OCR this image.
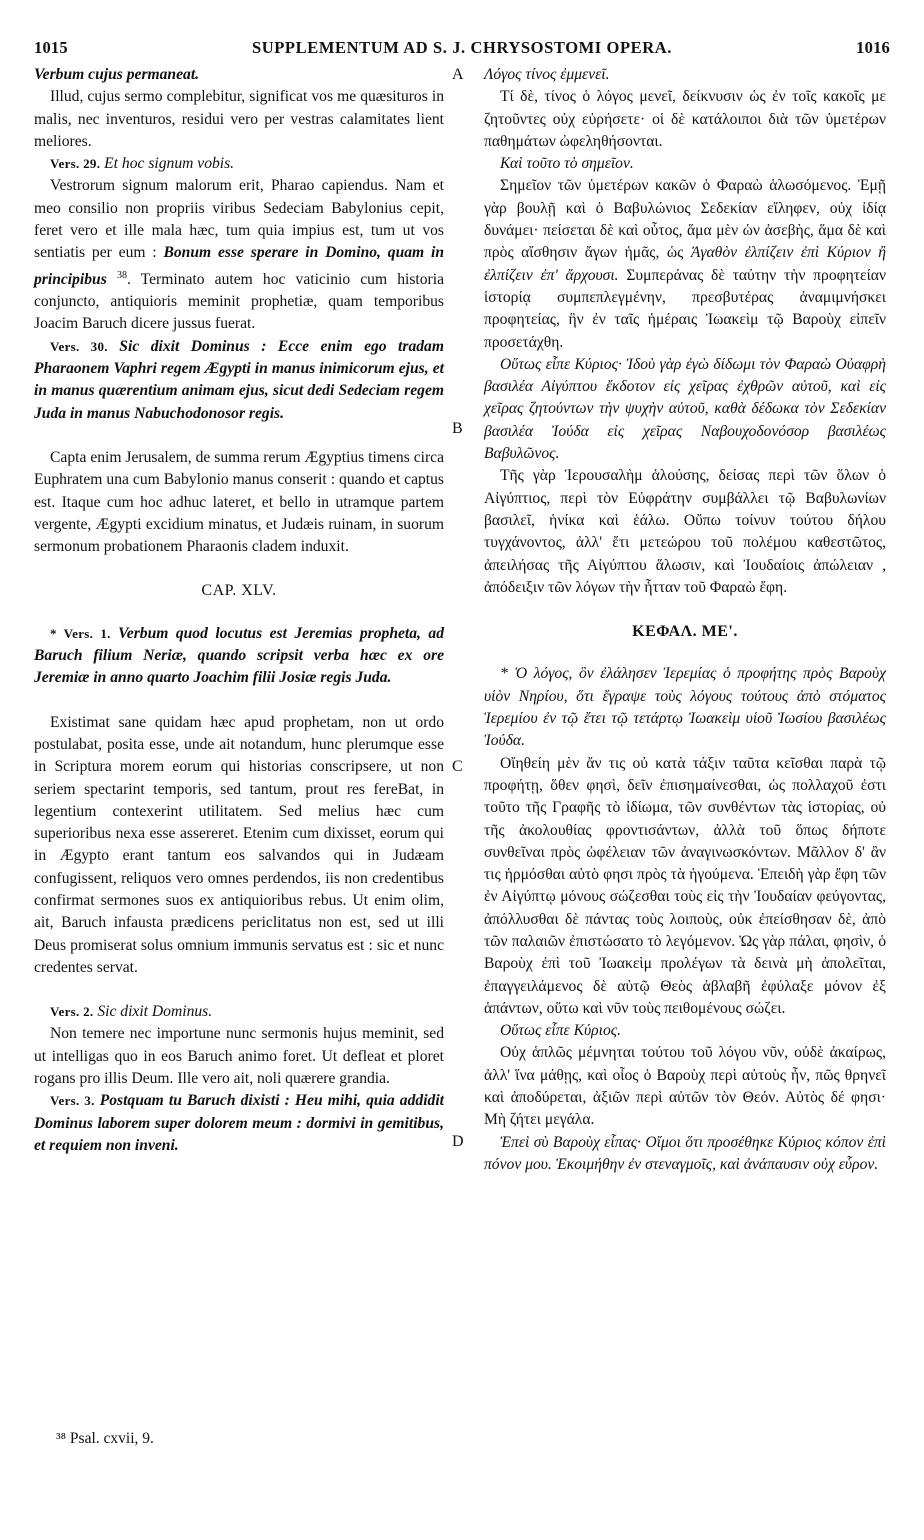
1015	SUPPLEMENTUM AD S. J. CHRYSOSTOMI OPERA.	1016
A
B
C
D

Verbum cujus permaneat.

Illud, cujus sermo complebitur, significat vos me quæsituros in malis, nec inventuros, residui vero per vestras calamitates lient meliores.

Vers. 29. Et hoc signum vobis.

Vestrorum signum malorum erit, Pharao capiendus. Nam et meo consilio non propriis viribus Sedeciam Babylonius cepit, feret vero et ille mala hæc, tum quia impius est, tum ut vos sentiatis per eum : Bonum esse sperare in Domino, quam in principibus $^{38}$. Terminato autem hoc vaticinio cum historia conjuncto, antiquioris meminit prophetiæ, quam temporibus Joacim Baruch dicere jussus fuerat.

Vers. 30. Sic dixit Dominus : Ecce enim ego tradam Pharaonem Vaphri regem Ægypti in manus inimicorum ejus, et in manus quærentium animam ejus, sicut dedi Sedeciam regem Juda in manus Nabuchodonosor regis.

Capta enim Jerusalem, de summa rerum Ægyptius timens circa Euphratem una cum Babylonio manus conserit : quando et captus est. Itaque cum hoc adhuc lateret, et bello in utramque partem vergente, Ægypti excidium minatus, et Judæis ruinam, in suorum sermonum probationem Pharaonis cladem induxit.

CAP. XLV.

* Vers. 1. Verbum quod locutus est Jeremias propheta, ad Baruch filium Neriæ, quando scripsit verba hæc ex ore Jeremiæ in anno quarto Joachim filii Josiæ regis Juda.

Existimat sane quidam hæc apud prophetam, non ut ordo postulabat, posita esse, unde ait notandum, hunc plerumque esse in Scriptura morem eorum qui historias conscripsere, ut non seriem spectarint temporis, sed tantum, prout res fereBat, in legentium contexerint utilitatem. Sed melius hæc cum superioribus nexa esse assereret. Etenim cum dixisset, eorum qui in Ægypto erant tantum eos salvandos qui in Judæam confugissent, reliquos vero omnes perdendos, iis non credentibus confirmat sermones suos ex antiquioribus rebus. Ut enim olim, ait, Baruch infausta prædicens periclitatus non est, sed ut illi Deus promiserat solus omnium immunis servatus est : sic et nunc credentes servat.

Vers. 2. Sic dixit Dominus.

Non temere nec importune nunc sermonis hujus meminit, sed ut intelligas quo in eos Baruch animo foret. Ut defleat et ploret rogans pro illis Deum. Ille vero ait, noli quærere grandia.

Vers. 3. Postquam tu Baruch dixisti : Heu mihi, quia addidit Dominus laborem super dolorem meum : dormivi in gemitibus, et requiem non inveni.

Λόγος τίνος ἐμμενεῖ.

Τί δὲ, τίνος ὁ λόγος μενεῖ, δείκνυσιν ὡς ἐν τοῖς κακοῖς με ζητοῦντες οὐχ εὑρήσετε· οἱ δὲ κατάλοιποι διὰ τῶν ὑμετέρων παθημάτων ὠφεληθήσονται.

Καὶ τοῦτο τὸ σημεῖον.

Σημεῖον τῶν ὑμετέρων κακῶν ὁ Φαραὼ ἁλωσόμενος. Ἐμῇ γὰρ βουλῇ καὶ ὁ Βαβυλώνιος Σεδεκίαν εἴληφεν, οὐχ ἰδίᾳ δυνάμει· πείσεται δὲ καὶ οὗτος, ἅμα μὲν ὡν ἀσεβὴς, ἅμα δὲ καὶ πρὸς αἴσθησιν ἄγων ἡμᾶς, ὡς Ἀγαθὸν ἐλπίζειν ἐπὶ Κύριον ἢ ἐλπίζειν ἐπ' ἄρχουσι. Συμπεράνας δὲ ταύτην τὴν προφητείαν ἱστορίᾳ συμπεπλεγμένην, πρεσβυτέρας ἀναμιμνήσκει προφητείας, ἣν ἐν ταῖς ἡμέραις Ἰωακεὶμ τῷ Βαροὺχ εἰπεῖν προσετάχθη.

Οὕτως εἶπε Κύριος· Ἰδοὺ γὰρ ἐγὼ δίδωμι τὸν Φαραὼ Οὐαφρὴ βασιλέα Αἰγύπτου ἔκδοτον εἰς χεῖρας ἐχθρῶν αὐτοῦ, καὶ εἰς χεῖρας ζητούντων τὴν ψυχὴν αὐτοῦ, καθὰ δέδωκα τὸν Σεδεκίαν βασιλέα Ἰούδα εἰς χεῖρας Ναβουχοδονόσορ βασιλέως Βαβυλῶνος.

Τῆς γὰρ Ἱερουσαλὴμ ἁλούσης, δείσας περὶ τῶν ὅλων ὁ Αἰγύπτιος, περὶ τὸν Εὐφράτην συμβάλλει τῷ Βαβυλωνίων βασιλεῖ, ἡνίκα καὶ ἑάλω. Οὔπω τοίνυν τούτου δήλου τυγχάνοντος, ἀλλ' ἔτι μετεώρου τοῦ πολέμου καθεστῶτος, ἀπειλήσας τῆς Αἰγύπτου ἅλωσιν, καὶ Ἰουδαίοις ἀπώλειαν , ἀπόδειξιν τῶν λόγων τὴν ἧτταν τοῦ Φαραὼ ἔφη.

ΚΕΦΑΛ. ΜΕ'.

* Ὁ λόγος, ὃν ἐλάλησεν Ἱερεμίας ὁ προφήτης πρὸς Βαροὺχ υἱὸν Νηρίου, ὅτι ἔγραψε τοὺς λόγους τούτους ἀπὸ στόματος Ἱερεμίου ἐν τῷ ἔτει τῷ τετάρτῳ Ἰωακεὶμ υἱοῦ Ἰωσίου βασιλέως Ἰούδα.

Οἴηθείη μὲν ἄν τις οὐ κατὰ τάξιν ταῦτα κεῖσθαι παρὰ τῷ προφήτῃ, ὅθεν φησὶ, δεῖν ἐπισημαίνεσθαι, ὡς πολλαχοῦ ἐστι τοῦτο τῆς Γραφῆς τὸ ἰδίωμα, τῶν συνθέντων τὰς ἱστορίας, οὐ τῆς ἀκολουθίας φροντισάντων, ἀλλὰ τοῦ ὅπως δήποτε συνθεῖναι πρὸς ὠφέλειαν τῶν ἀναγινωσκόντων. Μᾶλλον δ' ἂν τις ἡρμόσθαι αὐτὸ φησι πρὸς τὰ ἡγούμενα. Ἐπειδὴ γὰρ ἔφη τῶν ἐν Αἰγύπτῳ μόνους σώζεσθαι τοὺς εἰς τὴν Ἰουδαίαν φεύγοντας, ἀπόλλυσθαι δὲ πάντας τοὺς λοιποὺς, οὐκ ἐπείσθησαν δὲ, ἀπὸ τῶν παλαιῶν ἐπιστώσατο τὸ λεγόμενον. Ὡς γὰρ πάλαι, φησὶν, ὁ Βαροὺχ ἐπὶ τοῦ Ἰωακεὶμ προλέγων τὰ δεινὰ μὴ ἀπολεῖται, ἐπαγγειλάμενος δὲ αὐτῷ Θεὸς ἀβλαβῆ ἐφύλαξε μόνον ἐξ ἁπάντων, οὕτω καὶ νῦν τοὺς πειθομένους σώζει.

Οὕτως εἶπε Κύριος.

Οὐχ ἁπλῶς μέμνηται τούτου τοῦ λόγου νῦν, οὐδὲ ἀκαίρως, ἀλλ' ἵνα μάθῃς, καὶ οἷος ὁ Βαροὺχ περὶ αὐτοὺς ἦν, πῶς θρηνεῖ καὶ ἀποδύρεται, ἀξιῶν περὶ αὐτῶν τὸν Θεόν. Αὐτὸς δέ φησι· Μὴ ζήτει μεγάλα.

Ἐπεὶ σὺ Βαροὺχ εἶπας· Οἴμοι ὅτι προσέθηκε Κύριος κόπον ἐπὶ πόνον μου. Ἐκοιμήθην ἐν στεναγμοῖς, καὶ ἀνάπαυσιν οὐχ εὗρον.

³⁸ Psal. cxvii, 9.
